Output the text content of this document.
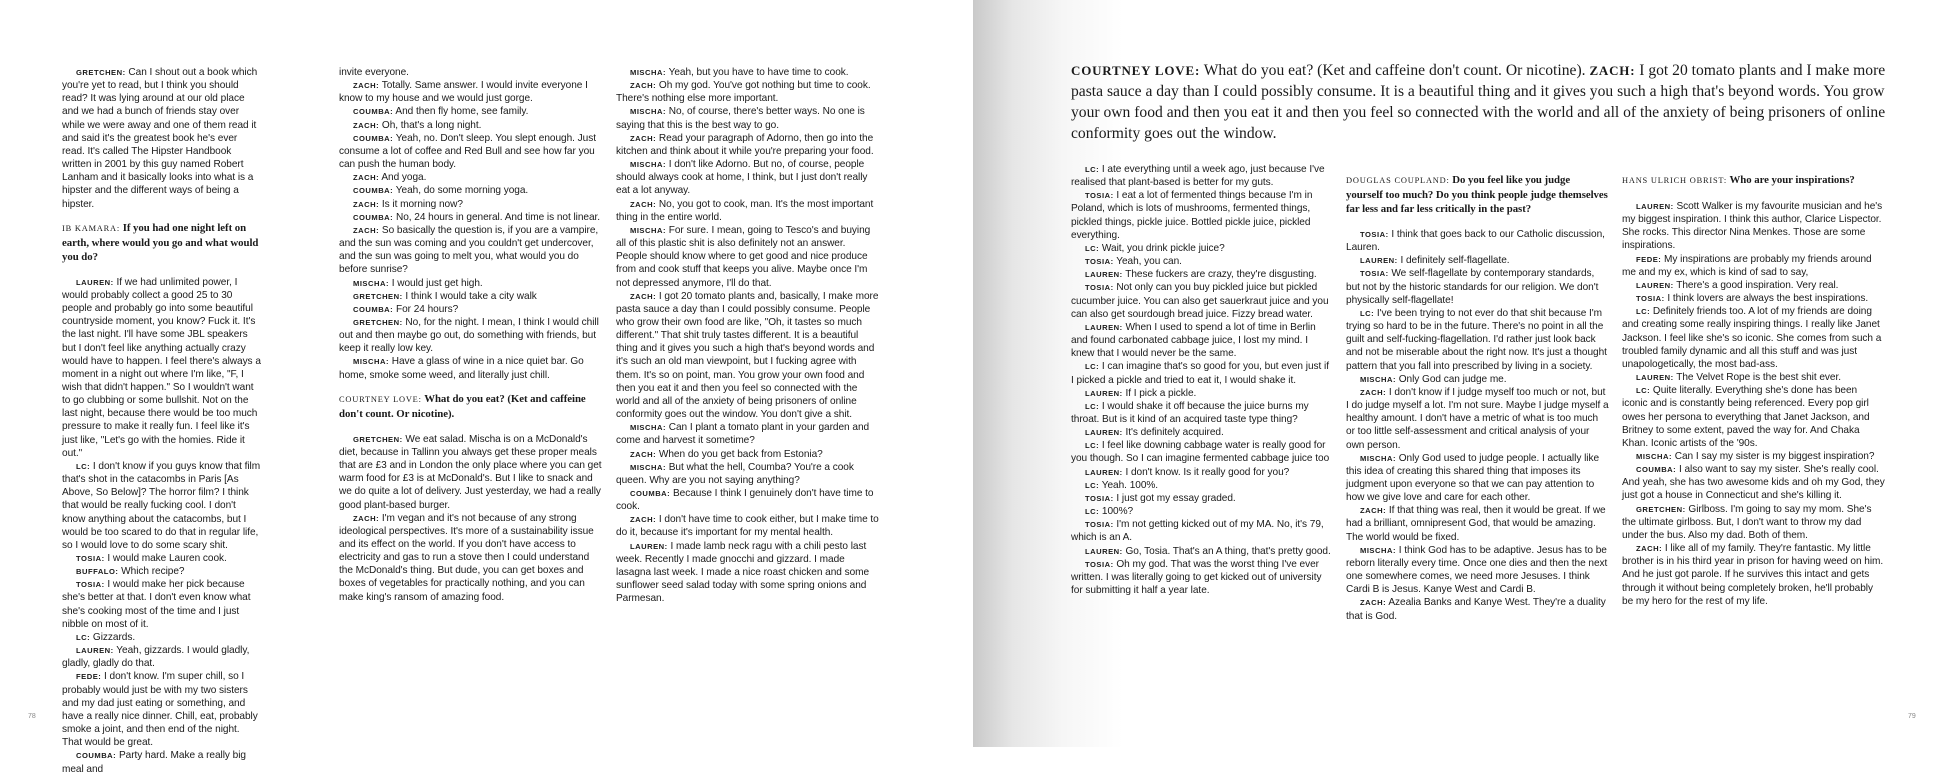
GRETCHEN: Can I shout out a book which you're yet to read, but I think you should read? It was lying around at our old place and we had a bunch of friends stay over while we were away and one of them read it and said it's the greatest book he's ever read. It's called The Hipster Handbook written in 2001 by this guy named Robert Lanham and it basically looks into what is a hipster and the different ways of being a hipster.

IB KAMARA: If you had one night left on earth, where would you go and what would you do?

LAUREN: If we had unlimited power, I would probably collect a good 25 to 30 people and probably go into some beautiful countryside moment, you know? Fuck it. It's the last night. I'll have some JBL speakers but I don't feel like anything actually crazy would have to happen. I feel there's always a moment in a night out where I'm like, "F, I wish that didn't happen." So I wouldn't want to go clubbing or some bullshit. Not on the last night, because there would be too much pressure to make it really fun. I feel like it's just like, "Let's go with the homies. Ride it out."

LC: I don't know if you guys know that film that's shot in the catacombs in Paris [As Above, So Below]? The horror film? I think that would be really fucking cool. I don't know anything about the catacombs, but I would be too scared to do that in regular life, so I would love to do some scary shit.

TOSIA: I would make Lauren cook.

BUFFALO: Which recipe?

TOSIA: I would make her pick because she's better at that. I don't even know what she's cooking most of the time and I just nibble on most of it.

LC: Gizzards.

LAUREN: Yeah, gizzards. I would gladly, gladly, gladly do that.

FEDE: I don't know. I'm super chill, so I probably would just be with my two sisters and my dad just eating or something, and have a really nice dinner. Chill, eat, probably smoke a joint, and then end of the night. That would be great.

COUMBA: Party hard. Make a really big meal and

invite everyone.

ZACH: Totally. Same answer. I would invite everyone I know to my house and we would just gorge.

COUMBA: And then fly home, see family.

ZACH: Oh, that's a long night.

COUMBA: Yeah, no. Don't sleep. You slept enough. Just consume a lot of coffee and Red Bull and see how far you can push the human body.

ZACH: And yoga.

COUMBA: Yeah, do some morning yoga.

ZACH: Is it morning now?

COUMBA: No, 24 hours in general. And time is not linear.

ZACH: So basically the question is, if you are a vampire, and the sun was coming and you couldn't get undercover, and the sun was going to melt you, what would you do before sunrise?

MISCHA: I would just get high.

GRETCHEN: I think I would take a city walk

COUMBA: For 24 hours?

GRETCHEN: No, for the night. I mean, I think I would chill out and then maybe go out, do something with friends, but keep it really low key.

MISCHA: Have a glass of wine in a nice quiet bar. Go home, smoke some weed, and literally just chill.

COURTNEY LOVE: What do you eat? (Ket and caffeine don't count. Or nicotine).

GRETCHEN: We eat salad. Mischa is on a McDonald's diet, because in Tallinn you always get these proper meals that are £3 and in London the only place where you can get warm food for £3 is at McDonald's. But I like to snack and we do quite a lot of delivery. Just yesterday, we had a really good plant-based burger.

ZACH: I'm vegan and it's not because of any strong ideological perspectives. It's more of a sustainability issue and its effect on the world. If you don't have access to electricity and gas to run a stove then I could understand the McDonald's thing. But dude, you can get boxes and boxes of vegetables for practically nothing, and you can make king's ransom of amazing food.

MISCHA: Yeah, but you have to have time to cook.

ZACH: Oh my god. You've got nothing but time to cook. There's nothing else more important.

MISCHA: No, of course, there's better ways. No one is saying that this is the best way to go.

ZACH: Read your paragraph of Adorno, then go into the kitchen and think about it while you're preparing your food.

MISCHA: I don't like Adorno. But no, of course, people should always cook at home, I think, but I just don't really eat a lot anyway.

ZACH: No, you got to cook, man. It's the most important thing in the entire world.

MISCHA: For sure. I mean, going to Tesco's and buying all of this plastic shit is also definitely not an answer. People should know where to get good and nice produce from and cook stuff that keeps you alive. Maybe once I'm not depressed anymore, I'll do that.

ZACH: I got 20 tomato plants and, basically, I make more pasta sauce a day than I could possibly consume. People who grow their own food are like, "Oh, it tastes so much different." That shit truly tastes different. It is a beautiful thing and it gives you such a high that's beyond words and it's such an old man viewpoint, but I fucking agree with them. It's so on point, man. You grow your own food and then you eat it and then you feel so connected with the world and all of the anxiety of being prisoners of online conformity goes out the window. You don't give a shit.

MISCHA: Can I plant a tomato plant in your garden and come and harvest it sometime?

ZACH: When do you get back from Estonia?

MISCHA: But what the hell, Coumba? You're a cook queen. Why are you not saying anything?

COUMBA: Because I think I genuinely don't have time to cook.

ZACH: I don't have time to cook either, but I make time to do it, because it's important for my mental health.

LAUREN: I made lamb neck ragu with a chili pesto last week. Recently I made gnocchi and gizzard. I made lasagna last week. I made a nice roast chicken and some sunflower seed salad today with some spring onions and Parmesan.

78	79
COURTNEY LOVE: What do you eat? (Ket and caffeine don't count. Or nicotine). ZACH: I got 20 tomato plants and I make more pasta sauce a day than I could possibly consume. It is a beautiful thing and it gives you such a high that's beyond words. You grow your own food and then you eat it and then you feel so connected with the world and all of the anxiety of being prisoners of online conformity goes out the window.

LC: I ate everything until a week ago, just because I've realised that plant-based is better for my guts.

TOSIA: I eat a lot of fermented things because I'm in Poland, which is lots of mushrooms, fermented things, pickled things, pickle juice. Bottled pickle juice, pickled everything.

LC: Wait, you drink pickle juice?

TOSIA: Yeah, you can.

LAUREN: These fuckers are crazy, they're disgusting.

TOSIA: Not only can you buy pickled juice but pickled cucumber juice. You can also get sauerkraut juice and you can also get sourdough bread juice. Fizzy bread water.

LAUREN: When I used to spend a lot of time in Berlin and found carbonated cabbage juice, I lost my mind. I knew that I would never be the same.

LC: I can imagine that's so good for you, but even just if I picked a pickle and tried to eat it, I would shake it.

LAUREN: If I pick a pickle.

LC: I would shake it off because the juice burns my throat. But is it kind of an acquired taste type thing?

LAUREN: It's definitely acquired.

LC: I feel like downing cabbage water is really good for you though. So I can imagine fermented cabbage juice too

LAUREN: I don't know. Is it really good for you?

LC: Yeah. 100%.

TOSIA: I just got my essay graded.

LC: 100%?

TOSIA: I'm not getting kicked out of my MA. No, it's 79, which is an A.

LAUREN: Go, Tosia. That's an A thing, that's pretty good.

TOSIA: Oh my god. That was the worst thing I've ever written. I was literally going to get kicked out of university for submitting it half a year late.

DOUGLAS COUPLAND: Do you feel like you judge yourself too much? Do you think people judge themselves far less and far less critically in the past?

TOSIA: I think that goes back to our Catholic discussion, Lauren.

LAUREN: I definitely self-flagellate.

TOSIA: We self-flagellate by contemporary standards, but not by the historic standards for our religion. We don't physically self-flagellate!

LC: I've been trying to not ever do that shit because I'm trying so hard to be in the future. There's no point in all the guilt and self-fucking-flagellation. I'd rather just look back and not be miserable about the right now. It's just a thought pattern that you fall into prescribed by living in a society.

MISCHA: Only God can judge me.

ZACH: I don't know if I judge myself too much or not, but I do judge myself a lot. I'm not sure. Maybe I judge myself a healthy amount. I don't have a metric of what is too much or too little self-assessment and critical analysis of your own person.

MISCHA: Only God used to judge people. I actually like this idea of creating this shared thing that imposes its judgment upon everyone so that we can pay attention to how we give love and care for each other.

ZACH: If that thing was real, then it would be great. If we had a brilliant, omnipresent God, that would be amazing. The world would be fixed.

MISCHA: I think God has to be adaptive. Jesus has to be reborn literally every time. Once one dies and then the next one somewhere comes, we need more Jesuses. I think Cardi B is Jesus. Kanye West and Cardi B.

ZACH: Azealia Banks and Kanye West. They're a duality that is God.

HANS ULRICH OBRIST: Who are your inspirations?

LAUREN: Scott Walker is my favourite musician and he's my biggest inspiration. I think this author, Clarice Lispector. She rocks. This director Nina Menkes. Those are some inspirations.

FEDE: My inspirations are probably my friends around me and my ex, which is kind of sad to say,

LAUREN: There's a good inspiration. Very real.

TOSIA: I think lovers are always the best inspirations.

LC: Definitely friends too. A lot of my friends are doing and creating some really inspiring things. I really like Janet Jackson. I feel like she's so iconic. She comes from such a troubled family dynamic and all this stuff and was just unapologetically, the most bad-ass.

LAUREN: The Velvet Rope is the best shit ever.

LC: Quite literally. Everything she's done has been iconic and is constantly being referenced. Every pop girl owes her persona to everything that Janet Jackson, and Britney to some extent, paved the way for. And Chaka Khan. Iconic artists of the '90s.

MISCHA: Can I say my sister is my biggest inspiration?

COUMBA: I also want to say my sister. She's really cool. And yeah, she has two awesome kids and oh my God, they just got a house in Connecticut and she's killing it.

GRETCHEN: Girlboss. I'm going to say my mom. She's the ultimate girlboss. But, I don't want to throw my dad under the bus. Also my dad. Both of them.

ZACH: I like all of my family. They're fantastic. My little brother is in his third year in prison for having weed on him. And he just got parole. If he survives this intact and gets through it without being completely broken, he'll probably be my hero for the rest of my life.
